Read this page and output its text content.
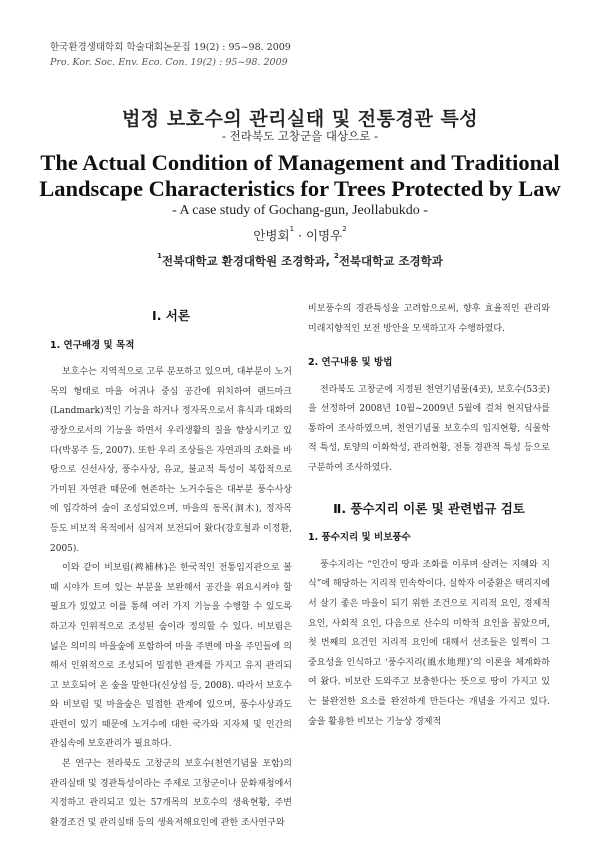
한국환경생태학회 학술대회논문집 19(2) : 95~98. 2009
Pro. Kor. Soc. Env. Eco. Con. 19(2) : 95~98. 2009
법정 보호수의 관리실태 및 전통경관 특성
- 전라북도 고창군을 대상으로 -
The Actual Condition of Management and Traditional Landscape Characteristics for Trees Protected by Law
- A case study of Gochang-gun, Jeollabukdo -
안병회$^1$ · 이명우$^2$
$^1$전북대학교 환경대학원 조경학과, $^2$전북대학교 조경학과
Ⅰ. 서론
1. 연구배경 및 목적

보호수는 지역적으로 고루 분포하고 있으며, 대부분이 노거목의 형태로 마을 어귀나 중심 공간에 위치하여 랜드마크(Landmark)적인 기능을 하거나 정자목으로서 휴식과 대화의 광장으로서의 기능을 하면서 우리생활의 질을 향상시키고 있다(박봉주 등, 2007). 또한 우리 조상들은 자연과의 조화를 바탕으로 신선사상, 풍수사상, 유교, 불교적 특성이 복합적으로 가미된 자연관 때문에 현존하는 노거수들은 대부분 풍수사상에 입각하여 숲이 조성되었으며, 마을의 동목(洞木), 정자목 등도 비보적 목적에서 심겨져 보전되어 왔다(강호철과 이정환, 2005).

이와 같이 비보림(裨補林)은 한국적인 전통임지관으로 볼 때 시야가 트여 있는 부분을 보완해서 공간을 위요시켜야 할 필요가 있었고 이를 통해 여러 가지 기능을 수행할 수 있도록 하고자 인위적으로 조성된 숲이라 정의할 수 있다. 비보림은 넓은 의미의 마을숲에 포함하여 마을 주변에 마을 주민들에 의해서 인위적으로 조성되어 밀접한 관계를 가지고 유지 관리되고 보호되어 온 숲을 말한다(신상섭 등, 2008). 따라서 보호수와 비보림 및 마을숲은 밀접한 관계에 있으며, 풍수사상과도 관련이 있기 때문에 노거수에 대한 국가와 지자체 및 인간의 관심속에 보호관리가 필요하다.

본 연구는 전라북도 고창군의 보호수(천연기념물 포함)의 관리실태 및 경관특성이라는 주제로 고창군이나 문화재청에서 지정하고 관리되고 있는 57개목의 보호수의 생육현황, 주변 환경조건 및 관리실태 등의 생육저해요인에 관한 조사연구와

2. 연구내용 및 방법

전라북도 고창군에 지정된 천연기념물(4곳), 보호수(53곳)을 선정하여 2008년 10월~2009년 5월에 걸쳐 현지답사를 통하여 조사하였으며, 천연기념물 보호수의 입지현황, 식물학적 특성, 토양의 이화학성, 관리현황, 전통 경관적 특성 등으로 구분하여 조사하였다.

Ⅱ. 풍수지리 이론 및 관련법규 검토
1. 풍수지리 및 비보풍수

풍수지리는 “인간이 땅과 조화를 이루며 살려는 지혜와 지식”에 해당하는 지리적 민속학이다. 실학자 이중환은 택리지에서 살기 좋은 마을이 되기 위한 조건으로 지리적 요인, 경제적 요인, 사회적 요인, 다음으로 산수의 미학적 요인을 꼽았으며, 첫 번째의 요건인 지리적 요인에 대해서 선조들은 일찍이 그 중요성을 인식하고 ‘풍수지리(風水地理)’의 이론을 체계화하여 왔다. 비보란 도와주고 보충한다는 뜻으로 땅이 가지고 있는 불완전한 요소를 완전하게 만든다는 개념을 가지고 있다. 숲을 활용한 비보는 기능상 경제적

비보풍수의 경관특성을 고려함으로써, 향후 효율적인 관리와 미래지향적인 보전 방안을 모색하고자 수행하였다.
